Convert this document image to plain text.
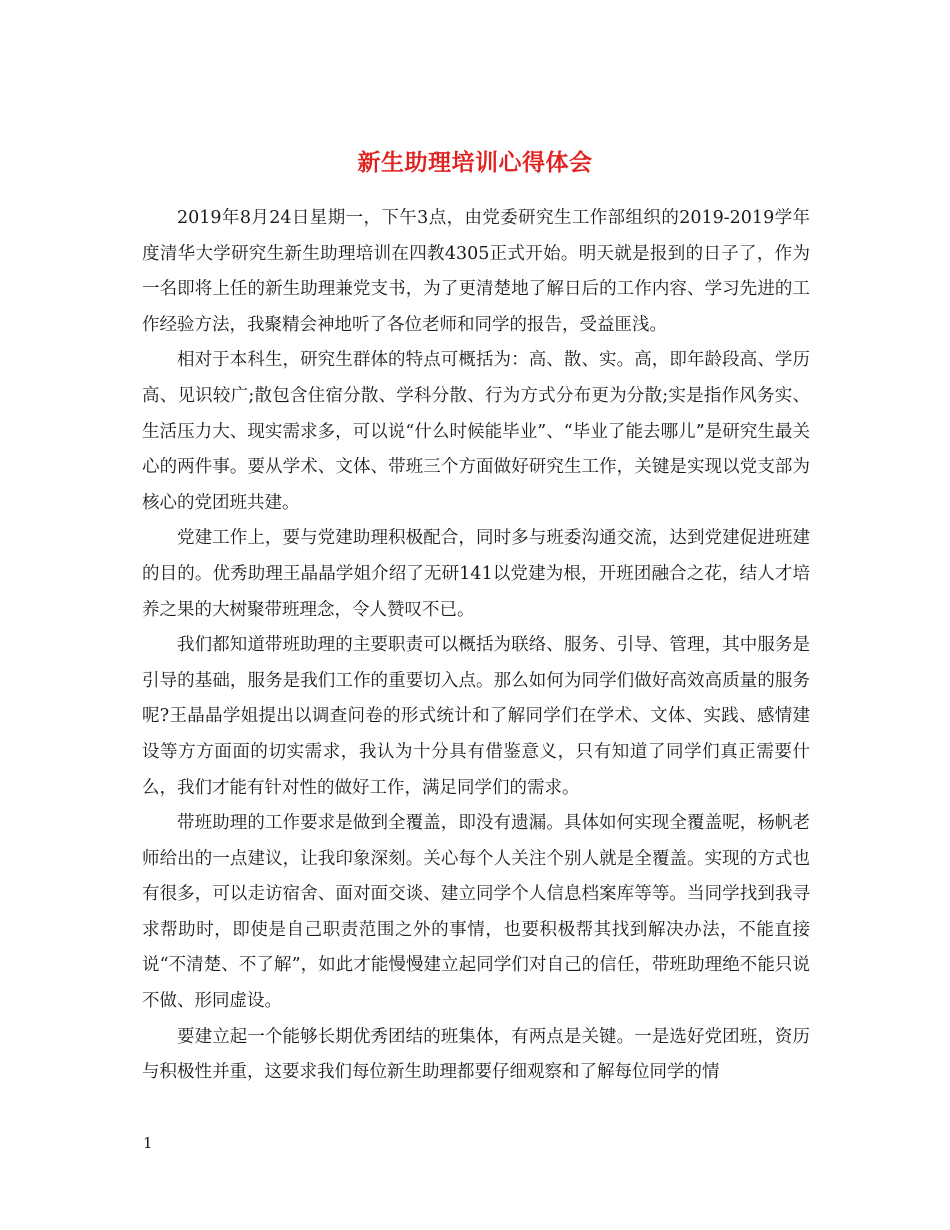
新生助理培训心得体会

2019年8月24日星期一，下午3点，由党委研究生工作部组织的2019-2019学年度清华大学研究生新生助理培训在四教4305正式开始。明天就是报到的日子了，作为一名即将上任的新生助理兼党支书，为了更清楚地了解日后的工作内容、学习先进的工作经验方法，我聚精会神地听了各位老师和同学的报告，受益匪浅。

相对于本科生，研究生群体的特点可概括为：高、散、实。高，即年龄段高、学历高、见识较广;散包含住宿分散、学科分散、行为方式分布更为分散;实是指作风务实、生活压力大、现实需求多，可以说“什么时候能毕业”、“毕业了能去哪儿”是研究生最关心的两件事。要从学术、文体、带班三个方面做好研究生工作，关键是实现以党支部为核心的党团班共建。

党建工作上，要与党建助理积极配合，同时多与班委沟通交流，达到党建促进班建的目的。优秀助理王晶晶学姐介绍了无研141以党建为根，开班团融合之花，结人才培养之果的大树聚带班理念，令人赞叹不已。

我们都知道带班助理的主要职责可以概括为联络、服务、引导、管理，其中服务是引导的基础，服务是我们工作的重要切入点。那么如何为同学们做好高效高质量的服务呢?王晶晶学姐提出以调查问卷的形式统计和了解同学们在学术、文体、实践、感情建设等方方面面的切实需求，我认为十分具有借鉴意义，只有知道了同学们真正需要什么，我们才能有针对性的做好工作，满足同学们的需求。

带班助理的工作要求是做到全覆盖，即没有遗漏。具体如何实现全覆盖呢，杨帆老师给出的一点建议，让我印象深刻。关心每个人关注个别人就是全覆盖。实现的方式也有很多，可以走访宿舍、面对面交谈、建立同学个人信息档案库等等。当同学找到我寻求帮助时，即使是自己职责范围之外的事情，也要积极帮其找到解决办法，不能直接说“不清楚、不了解”，如此才能慢慢建立起同学们对自己的信任，带班助理绝不能只说不做、形同虚设。

要建立起一个能够长期优秀团结的班集体，有两点是关键。一是选好党团班，资历与积极性并重，这要求我们每位新生助理都要仔细观察和了解每位同学的情

1
